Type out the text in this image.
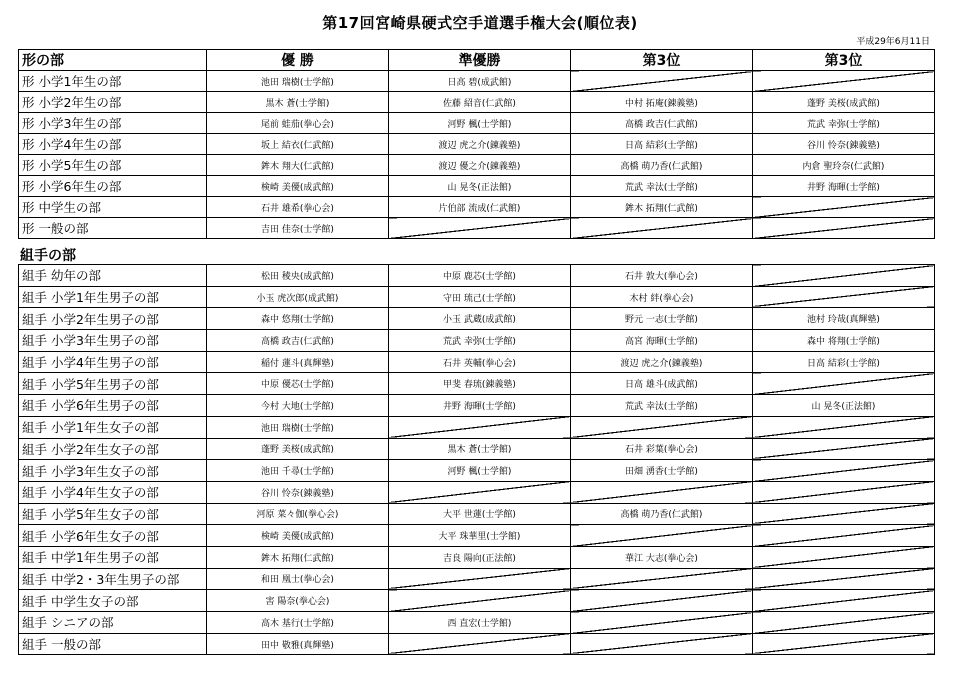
第17回宮崎県硬式空手道選手権大会(順位表)
平成29年6月11日
形の部	優 勝	準優勝	第3位	第3位
形 小学1年生の部	池田 瑞樹(士学館)	日高 碧(成武館)		
形 小学2年生の部	黒木 蒼(士学館)	佐藤 紹音(仁武館)	中村 拓庵(錬義塾)	蓬野 美桜(成武館)
形 小学3年生の部	尾前 蛙茄(拳心会)	河野 楓(士学館)	高橋 政吉(仁武館)	荒武 幸弥(士学館)
形 小学4年生の部	坂上 結衣(仁武館)	渡辺 虎之介(錬義塾)	日高 結彩(士学館)	谷川 怜奈(錬義塾)
形 小学5年生の部	鉾木 翔大(仁武館)	渡辺 優之介(錬義塾)	高橋 萌乃香(仁武館)	内倉 聖玲奈(仁武館)
形 小学6年生の部	検崎 美優(成武館)	山 晃冬(正法館)	荒武 幸汰(士学館)	井野 海暉(士学館)
形 中学生の部	石井 雄希(拳心会)	片伯部 流成(仁武館)	鉾木 拓翔(仁武館)	
形 一般の部	吉田 佳奈(士学館)			
組手の部
組手 幼年の部	松田 稜央(成武館)	中原 鹿芯(士学館)	石井 敦大(拳心会)	
組手 小学1年生男子の部	小玉 虎次郎(成武館)	守田 琉己(士学館)	木村 絆(拳心会)	
組手 小学2年生男子の部	森中 悠翔(士学館)	小玉 武蔵(成武館)	野元 一志(士学館)	池村 玲哉(真輝塾)
組手 小学3年生男子の部	高橋 政吉(仁武館)	荒武 幸弥(士学館)	高宮 海暉(士学館)	森中 将翔(士学館)
組手 小学4年生男子の部	稲付 蓮斗(真輝塾)	石井 英輔(拳心会)	渡辺 虎之介(錬義塾)	日高 結彩(士学館)
組手 小学5年生男子の部	中原 優芯(士学館)	甲斐 春琉(錬義塾)	日高 雄斗(成武館)	
組手 小学6年生男子の部	今村 大地(士学館)	井野 海暉(士学館)	荒武 幸汰(士学館)	山 晃冬(正法館)
組手 小学1年生女子の部	池田 瑞樹(士学館)			
組手 小学2年生女子の部	蓬野 美桜(成武館)	黒木 蒼(士学館)	石井 彩葉(拳心会)	
組手 小学3年生女子の部	池田 千尋(士学館)	河野 楓(士学館)	田畑 湧香(士学館)	
組手 小学4年生女子の部	谷川 怜奈(錬義塾)			
組手 小学5年生女子の部	河原 菜々伽(拳心会)	大平 世蓮(士学館)	高橋 萌乃香(仁武館)	
組手 小学6年生女子の部	検崎 美優(成武館)	大平 珠華里(士学館)		
組手 中学1年生男子の部	鉾木 拓翔(仁武館)	吉良 陽向(正法館)	華江 大志(拳心会)	
組手 中学2・3年生男子の部	和田 凰士(拳心会)			
組手 中学生女子の部	害 陽奈(拳心会)			
組手 シニアの部	高木 基行(士学館)	西 直宏(士学館)		
組手 一般の部	田中 敬雅(真輝塾)			
